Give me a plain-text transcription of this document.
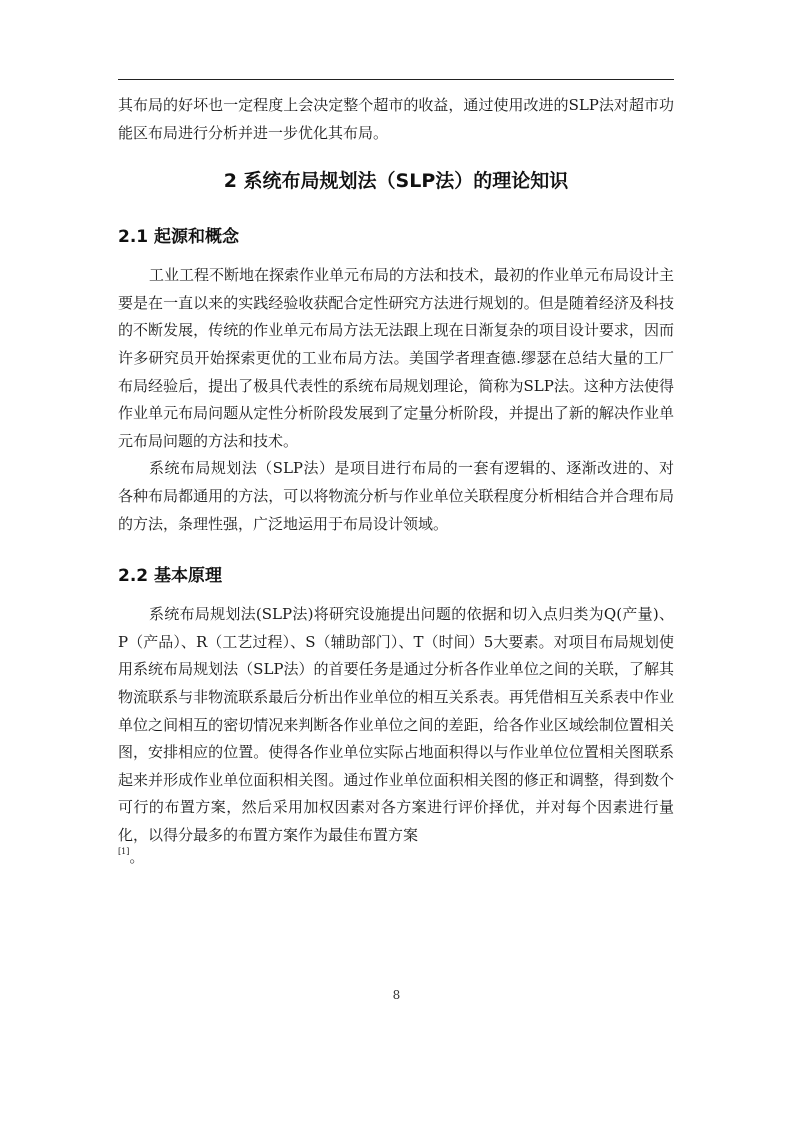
其布局的好坏也一定程度上会决定整个超市的收益，通过使用改进的SLP法对超市功能区布局进行分析并进一步优化其布局。

2 系统布局规划法（SLP法）的理论知识
2.1 起源和概念

工业工程不断地在探索作业单元布局的方法和技术，最初的作业单元布局设计主要是在一直以来的实践经验收获配合定性研究方法进行规划的。但是随着经济及科技的不断发展，传统的作业单元布局方法无法跟上现在日渐复杂的项目设计要求，因而许多研究员开始探索更优的工业布局方法。美国学者理查德.缪瑟在总结大量的工厂布局经验后，提出了极具代表性的系统布局规划理论，简称为SLP法。这种方法使得作业单元布局问题从定性分析阶段发展到了定量分析阶段，并提出了新的解决作业单元布局问题的方法和技术。

系统布局规划法（SLP法）是项目进行布局的一套有逻辑的、逐渐改进的、对各种布局都通用的方法，可以将物流分析与作业单位关联程度分析相结合并合理布局的方法，条理性强，广泛地运用于布局设计领域。

2.2 基本原理

系统布局规划法(SLP法)将研究设施提出问题的依据和切入点归类为Q(产量)、P（产品）、R（工艺过程）、S（辅助部门）、T（时间）5大要素。对项目布局规划使用系统布局规划法（SLP法）的首要任务是通过分析各作业单位之间的关联，了解其物流联系与非物流联系最后分析出作业单位的相互关系表。再凭借相互关系表中作业单位之间相互的密切情况来判断各作业单位之间的差距，给各作业区域绘制位置相关图，安排相应的位置。使得各作业单位实际占地面积得以与作业单位位置相关图联系起来并形成作业单位面积相关图。通过作业单位面积相关图的修正和调整，得到数个可行的布置方案，然后采用加权因素对各方案进行评价择优，并对每个因素进行量化，以得分最多的布置方案作为最佳布置方案

[1]。
8
